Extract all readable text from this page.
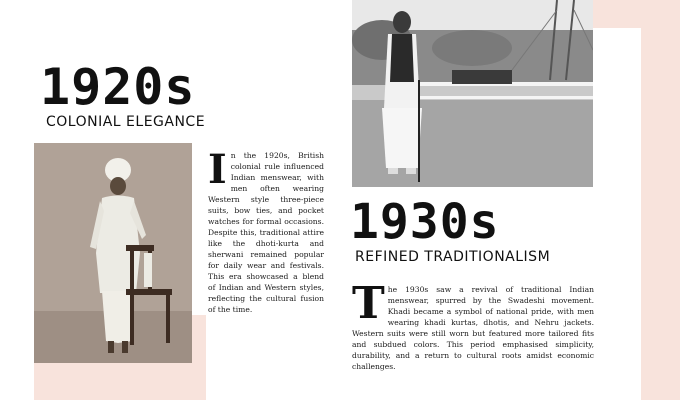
1920s
COLONIAL ELEGANCE
In the 1920s, British colonial rule influenced Indian menswear, with men often wearing Western style three-piece suits, bow ties, and pocket watches for formal occasions. Despite this, traditional attire like the dhoti-kurta and sherwani remained popular for daily wear and festivals. This era showcased a blend of Indian and Western styles, reflecting the cultural fusion of the time.
1930s
REFINED TRADITIONALISM
The 1930s saw a revival of traditional Indian menswear, spurred by the Swadeshi movement. Khadi became a symbol of national pride, with men wearing khadi kurtas, dhotis, and Nehru jackets. Western suits were still worn but featured more tailored fits and subdued colors. This period emphasised simplicity, durability, and a return to cultural roots amidst economic challenges.
